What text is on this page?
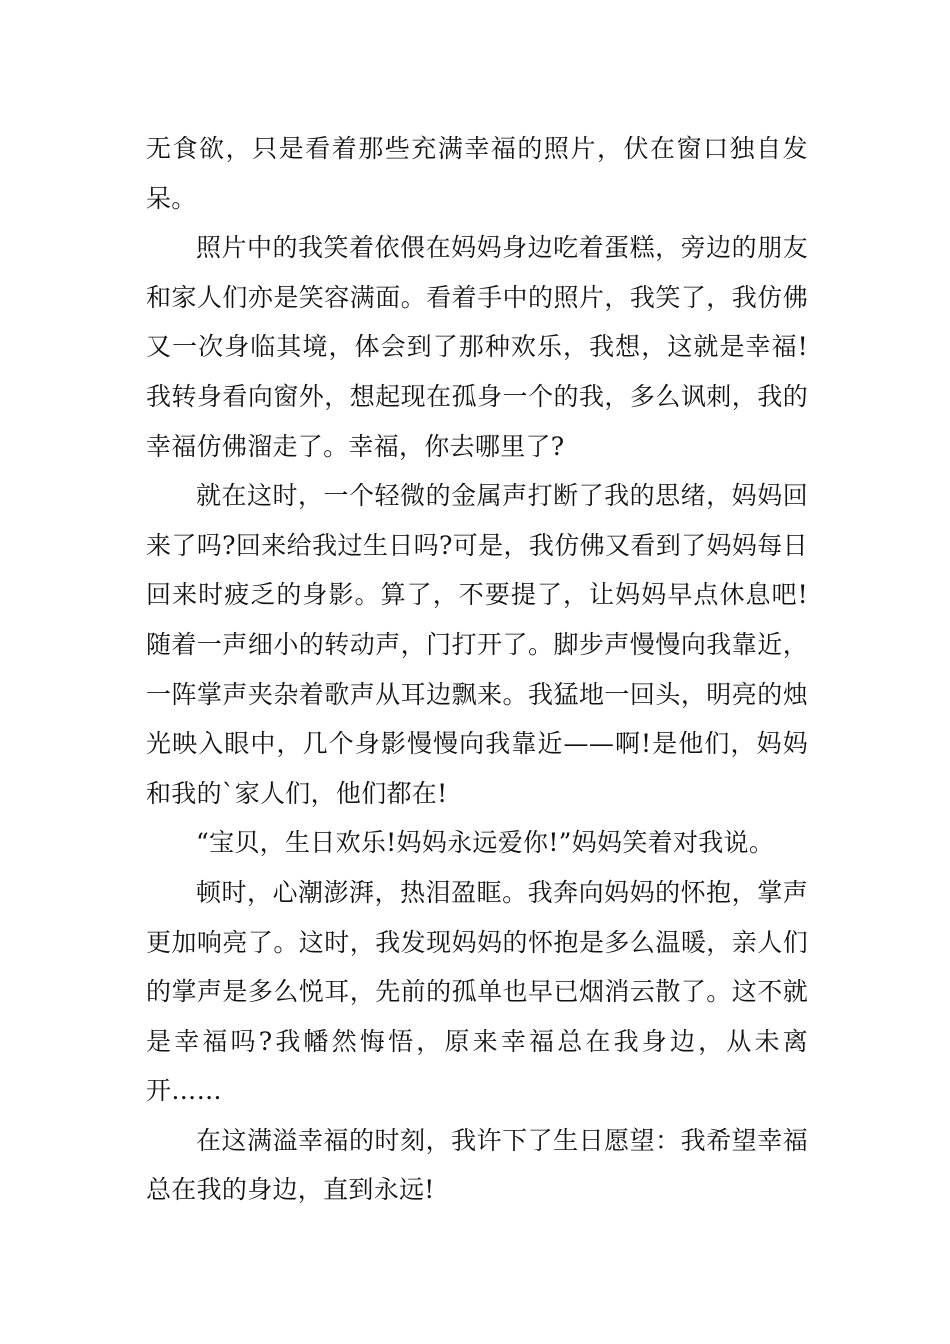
无食欲，只是看着那些充满幸福的照片，伏在窗口独自发呆。

照片中的我笑着依偎在妈妈身边吃着蛋糕，旁边的朋友和家人们亦是笑容满面。看着手中的照片，我笑了，我仿佛又一次身临其境，体会到了那种欢乐，我想，这就是幸福!我转身看向窗外，想起现在孤身一个的我，多么讽刺，我的幸福仿佛溜走了。幸福，你去哪里了?

就在这时，一个轻微的金属声打断了我的思绪，妈妈回来了吗?回来给我过生日吗?可是，我仿佛又看到了妈妈每日回来时疲乏的身影。算了，不要提了，让妈妈早点休息吧!随着一声细小的转动声，门打开了。脚步声慢慢向我靠近，一阵掌声夹杂着歌声从耳边飘来。我猛地一回头，明亮的烛光映入眼中，几个身影慢慢向我靠近——啊!是他们，妈妈和我的`家人们，他们都在!

“宝贝，生日欢乐!妈妈永远爱你!”妈妈笑着对我说。

顿时，心潮澎湃，热泪盈眶。我奔向妈妈的怀抱，掌声更加响亮了。这时，我发现妈妈的怀抱是多么温暖，亲人们的掌声是多么悦耳，先前的孤单也早已烟消云散了。这不就是幸福吗?我幡然悔悟，原来幸福总在我身边，从未离开……

在这满溢幸福的时刻，我许下了生日愿望：我希望幸福总在我的身边，直到永远!
